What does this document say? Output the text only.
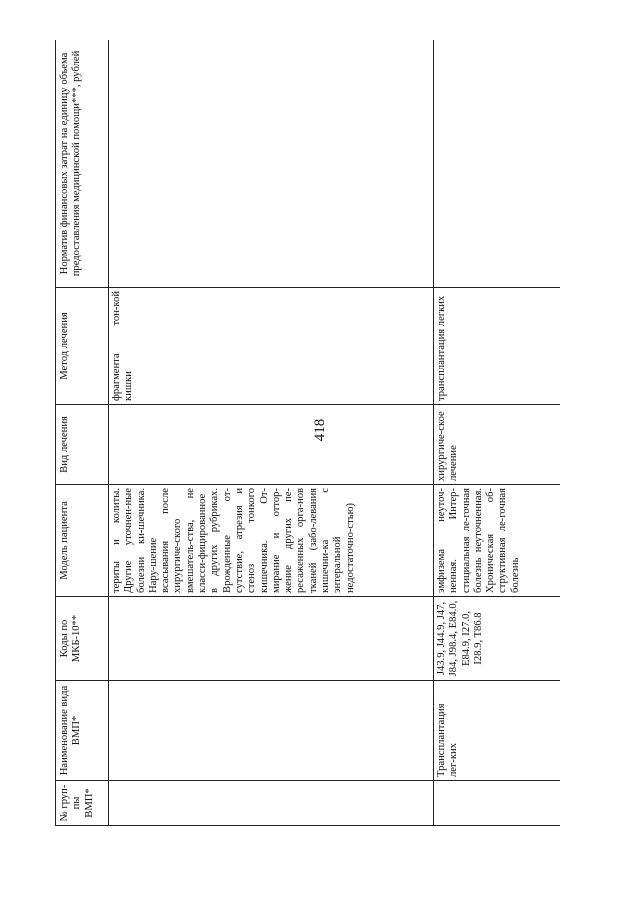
418
№ груп-пы ВМП*	Наименование вида ВМП*	Коды по МКБ-10**	Модель пациента	Вид лечения	Метод лечения	Норматив финансовых затрат на единицу объема предоставления медицинской помощи***, рублей
			териты и колиты. Другие уточнен-ные болезни ки-шечника. Нару-шение всасывания после хирургиче-ского вмешатель-ства, не класси-фицированное в других рубриках. Врожденные от-сутствие, атрезия и стеноз тонкого кишечника. От-мирание и оттор-жение других пе-ресаженных орга-нов тканей (забо-левания кишечни-ка с энтеральной недостаточно-стью)		фрагмента тон-кой кишки	
	Трансплантация лег-ких	J43.9, J44.9, J47, J84, J98.4, E84.0, E84.9, I27.0, I28.9, T86.8	эмфизема неуточ-ненная. Интер-стициальная ле-гочная болезнь неуточненная. Хроническая об-структивная ле-гочная болезнь	хирургиче-ское лечение	трансплантация легких	
